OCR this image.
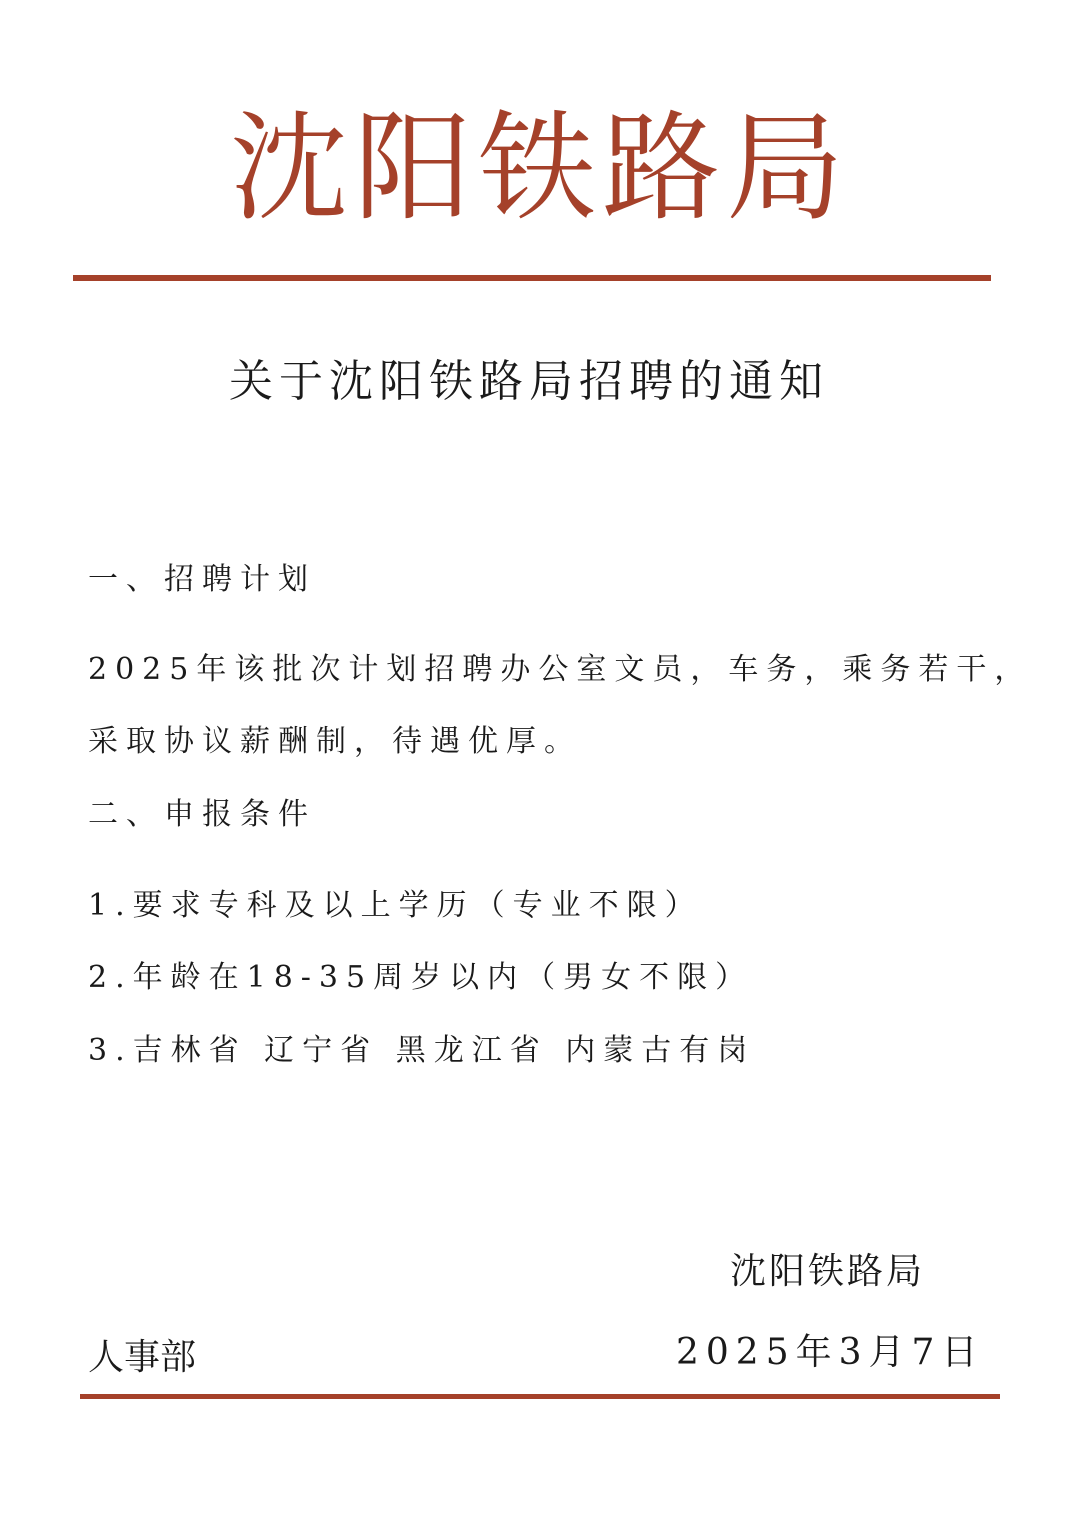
沈阳铁路局
关于沈阳铁路局招聘的通知
一、招聘计划
2025年该批次计划招聘办公室文员，车务，乘务若干，
采取协议薪酬制，待遇优厚。
二、申报条件
1.要求专科及以上学历（专业不限）
2.年龄在18-35周岁以内（男女不限）
3.吉林省 辽宁省 黑龙江省 内蒙古有岗
沈阳铁路局
人事部	2025年3月7日
